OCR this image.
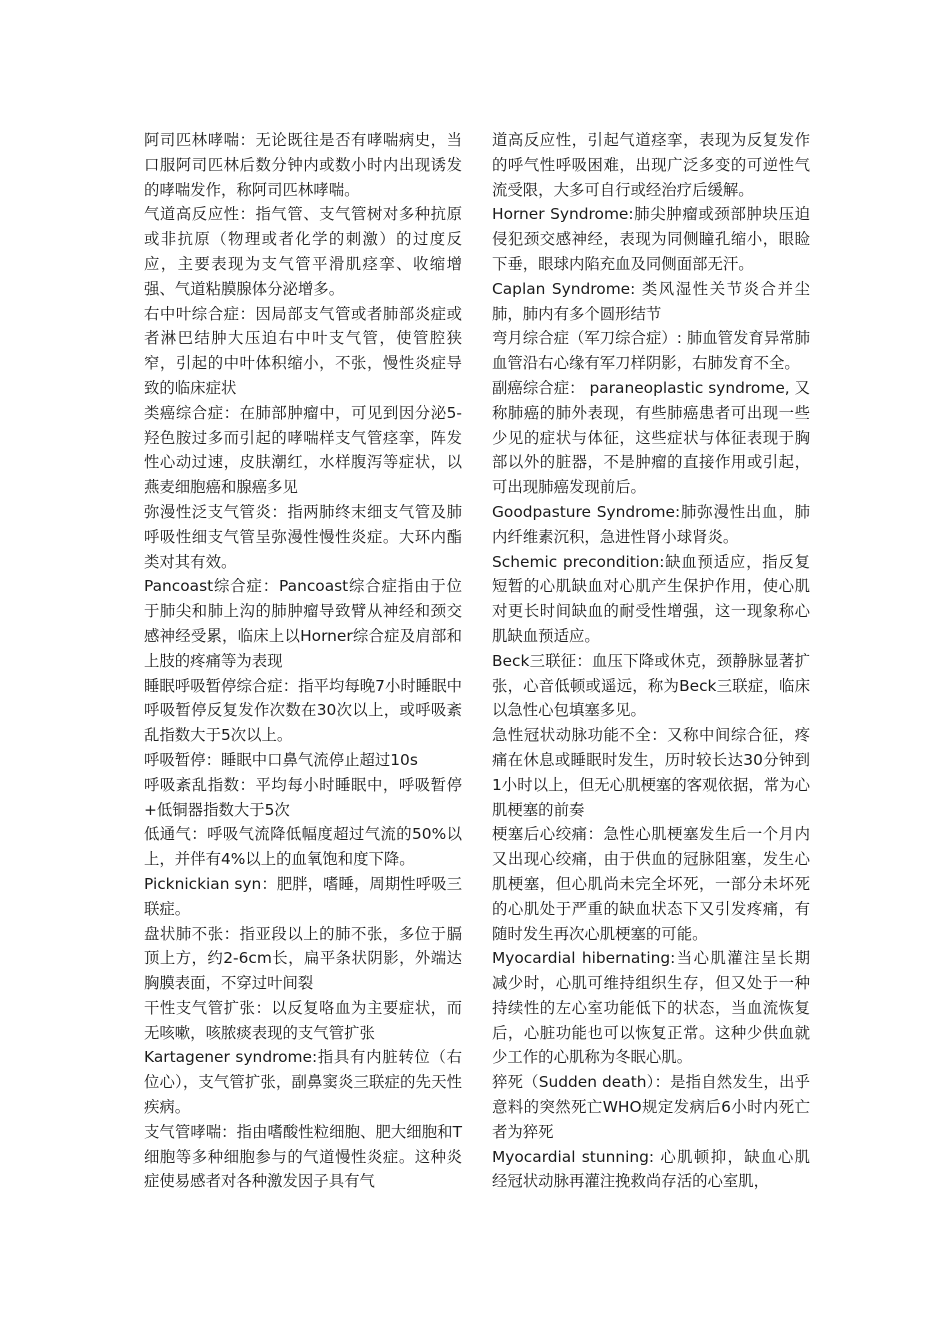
阿司匹林哮喘：无论既往是否有哮喘病史，当口服阿司匹林后数分钟内或数小时内出现诱发的哮喘发作，称阿司匹林哮喘。

气道高反应性：指气管、支气管树对多种抗原或非抗原（物理或者化学的刺激）的过度反应，主要表现为支气管平滑肌痉挛、收缩增强、气道粘膜腺体分泌增多。

右中叶综合症：因局部支气管或者肺部炎症或者淋巴结肿大压迫右中叶支气管，使管腔狭窄，引起的中叶体积缩小，不张，慢性炎症导致的临床症状

类癌综合症：在肺部肿瘤中，可见到因分泌5-羟色胺过多而引起的哮喘样支气管痉挛，阵发性心动过速，皮肤潮红，水样腹泻等症状，以燕麦细胞癌和腺癌多见

弥漫性泛支气管炎：指两肺终末细支气管及肺呼吸性细支气管呈弥漫性慢性炎症。大环内酯类对其有效。

Pancoast综合症：Pancoast综合症指由于位于肺尖和肺上沟的肺肿瘤导致臂从神经和颈交感神经受累，临床上以Horner综合症及肩部和上肢的疼痛等为表现

睡眠呼吸暂停综合症：指平均每晚7小时睡眠中呼吸暂停反复发作次数在30次以上，或呼吸紊乱指数大于5次以上。

呼吸暂停：睡眠中口鼻气流停止超过10s

呼吸紊乱指数：平均每小时睡眠中，呼吸暂停+低铜器指数大于5次

低通气：呼吸气流降低幅度超过气流的50%以上，并伴有4%以上的血氧饱和度下降。

Picknickian syn：肥胖，嗜睡，周期性呼吸三联症。

盘状肺不张：指亚段以上的肺不张，多位于膈顶上方，约2-6cm长，扁平条状阴影，外端达胸膜表面，不穿过叶间裂

干性支气管扩张：以反复咯血为主要症状，而无咳嗽，咳脓痰表现的支气管扩张

Kartagener syndrome:指具有内脏转位（右位心），支气管扩张，副鼻窦炎三联症的先天性疾病。

支气管哮喘：指由嗜酸性粒细胞、肥大细胞和T细胞等多种细胞参与的气道慢性炎症。这种炎症使易感者对各种激发因子具有气

道高反应性，引起气道痉挛，表现为反复发作的呼气性呼吸困难，出现广泛多变的可逆性气流受限，大多可自行或经治疗后缓解。

Horner Syndrome:肺尖肿瘤或颈部肿块压迫侵犯颈交感神经，表现为同侧瞳孔缩小，眼睑下垂，眼球内陷充血及同侧面部无汗。

Caplan Syndrome: 类风湿性关节炎合并尘肺，肺内有多个圆形结节

弯月综合症（军刀综合症）: 肺血管发育异常肺血管沿右心缘有军刀样阴影，右肺发育不全。

副癌综合症： paraneoplastic syndrome, 又称肺癌的肺外表现，有些肺癌患者可出现一些少见的症状与体征，这些症状与体征表现于胸部以外的脏器，不是肿瘤的直接作用或引起，可出现肺癌发现前后。

Goodpasture Syndrome:肺弥漫性出血，肺内纤维素沉积，急进性肾小球肾炎。

Schemic precondition:缺血预适应，指反复短暂的心肌缺血对心肌产生保护作用，使心肌对更长时间缺血的耐受性增强，这一现象称心肌缺血预适应。

Beck三联征：血压下降或休克，颈静脉显著扩张，心音低顿或遥远，称为Beck三联症，临床以急性心包填塞多见。

急性冠状动脉功能不全：又称中间综合征，疼痛在休息或睡眠时发生，历时较长达30分钟到1小时以上，但无心肌梗塞的客观依据，常为心肌梗塞的前奏

梗塞后心绞痛：急性心肌梗塞发生后一个月内又出现心绞痛，由于供血的冠脉阻塞，发生心肌梗塞，但心肌尚未完全坏死，一部分未坏死的心肌处于严重的缺血状态下又引发疼痛，有随时发生再次心肌梗塞的可能。

Myocardial hibernating:当心肌灌注呈长期减少时，心肌可维持组织生存，但又处于一种持续性的左心室功能低下的状态，当血流恢复后，心脏功能也可以恢复正常。这种少供血就少工作的心肌称为冬眠心肌。

猝死（Sudden death）：是指自然发生，出乎意料的突然死亡WHO规定发病后6小时内死亡者为猝死

Myocardial stunning: 心肌顿抑，缺血心肌经冠状动脉再灌注挽救尚存活的心室肌，
